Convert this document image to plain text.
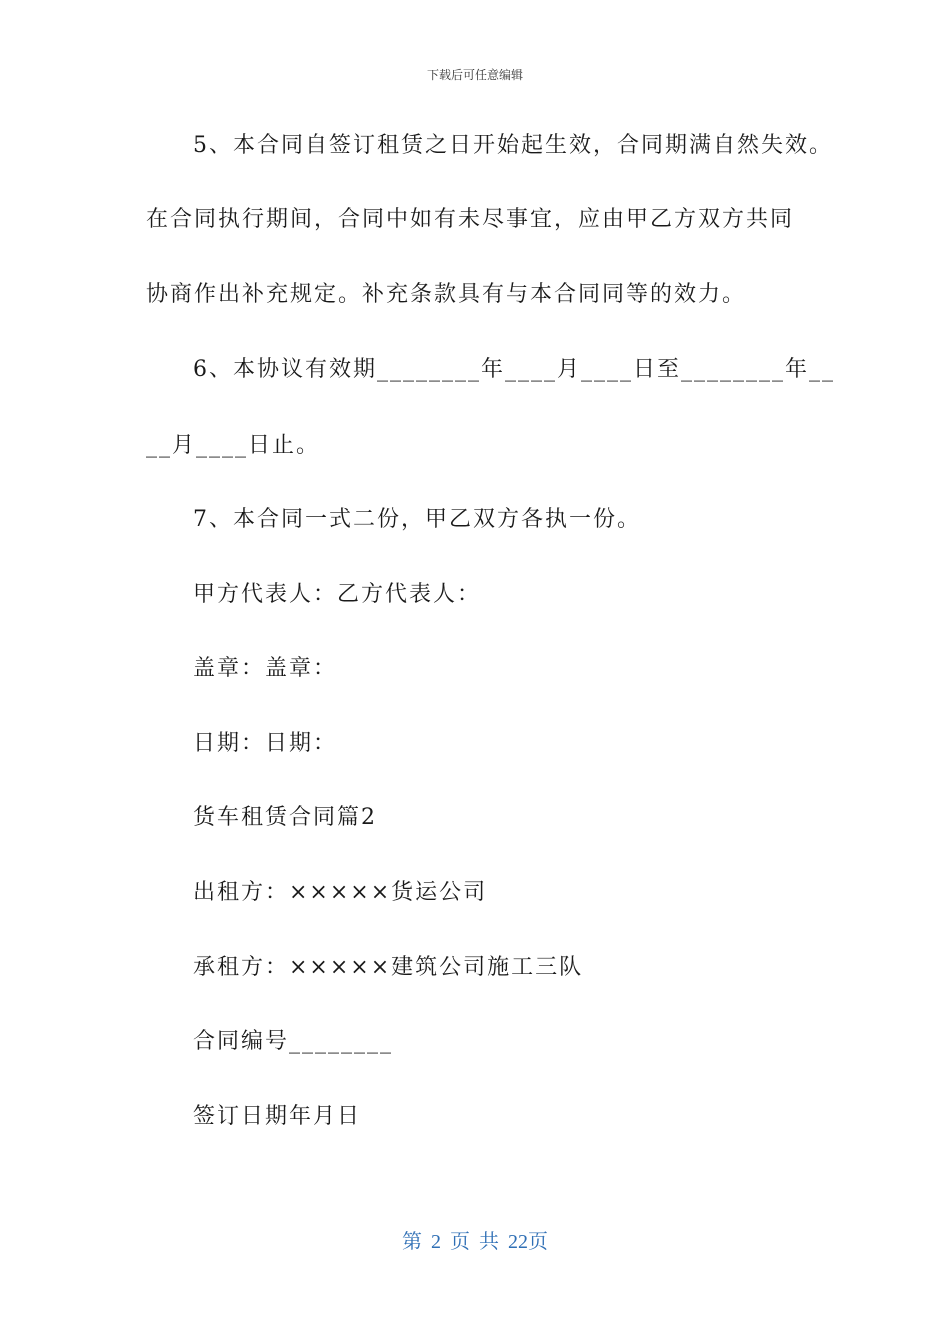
下载后可任意编辑
5、本合同自签订租赁之日开始起生效，合同期满自然失效。
在合同执行期间，合同中如有未尽事宜，应由甲乙方双方共同
协商作出补充规定。补充条款具有与本合同同等的效力。
6、本协议有效期________年____月____日至________年__
__月____日止。
7、本合同一式二份，甲乙双方各执一份。
甲方代表人：乙方代表人：
盖章：盖章：
日期：日期：
货车租赁合同篇2
出租方：×××××货运公司
承租方：×××××建筑公司施工三队
合同编号________
签订日期年月日
第 2 页 共 22页
